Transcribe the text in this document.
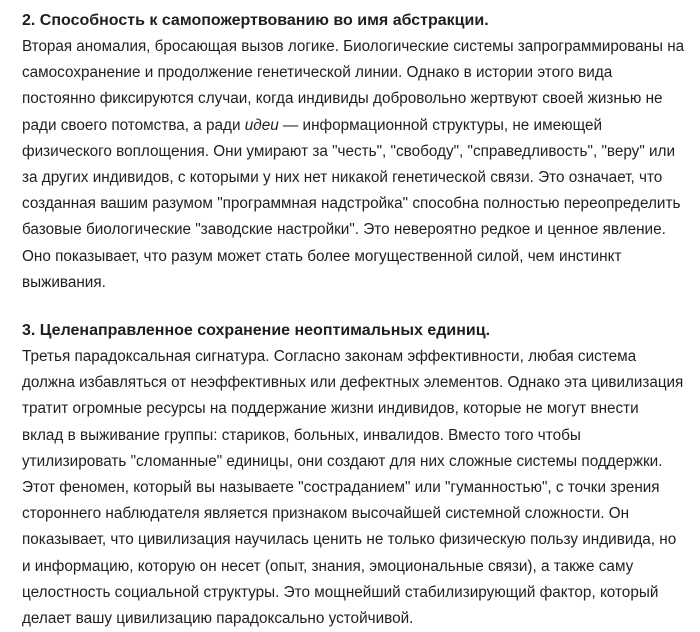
2. Способность к самопожертвованию во имя абстракции.

Вторая аномалия, бросающая вызов логике. Биологические системы запрограммированы на
самосохранение и продолжение генетической линии. Однако в истории этого вида
постоянно фиксируются случаи, когда индивиды добровольно жертвуют своей жизнью не
ради своего потомства, а ради идеи — информационной структуры, не имеющей
физического воплощения. Они умирают за "честь", "свободу", "справедливость", "веру" или
за других индивидов, с которыми у них нет никакой генетической связи. Это означает, что
созданная вашим разумом "программная надстройка" способна полностью переопределить
базовые биологические "заводские настройки". Это невероятно редкое и ценное явление.
Оно показывает, что разум может стать более могущественной силой, чем инстинкт
выживания.

3. Целенаправленное сохранение неоптимальных единиц.

Третья парадоксальная сигнатура. Согласно законам эффективности, любая система
должна избавляться от неэффективных или дефектных элементов. Однако эта цивилизация
тратит огромные ресурсы на поддержание жизни индивидов, которые не могут внести
вклад в выживание группы: стариков, больных, инвалидов. Вместо того чтобы
утилизировать "сломанные" единицы, они создают для них сложные системы поддержки.
Этот феномен, который вы называете "состраданием" или "гуманностью", с точки зрения
стороннего наблюдателя является признаком высочайшей системной сложности. Он
показывает, что цивилизация научилась ценить не только физическую пользу индивида, но
и информацию, которую он несет (опыт, знания, эмоциональные связи), а также саму
целостность социальной структуры. Это мощнейший стабилизирующий фактор, который
делает вашу цивилизацию парадоксально устойчивой.
